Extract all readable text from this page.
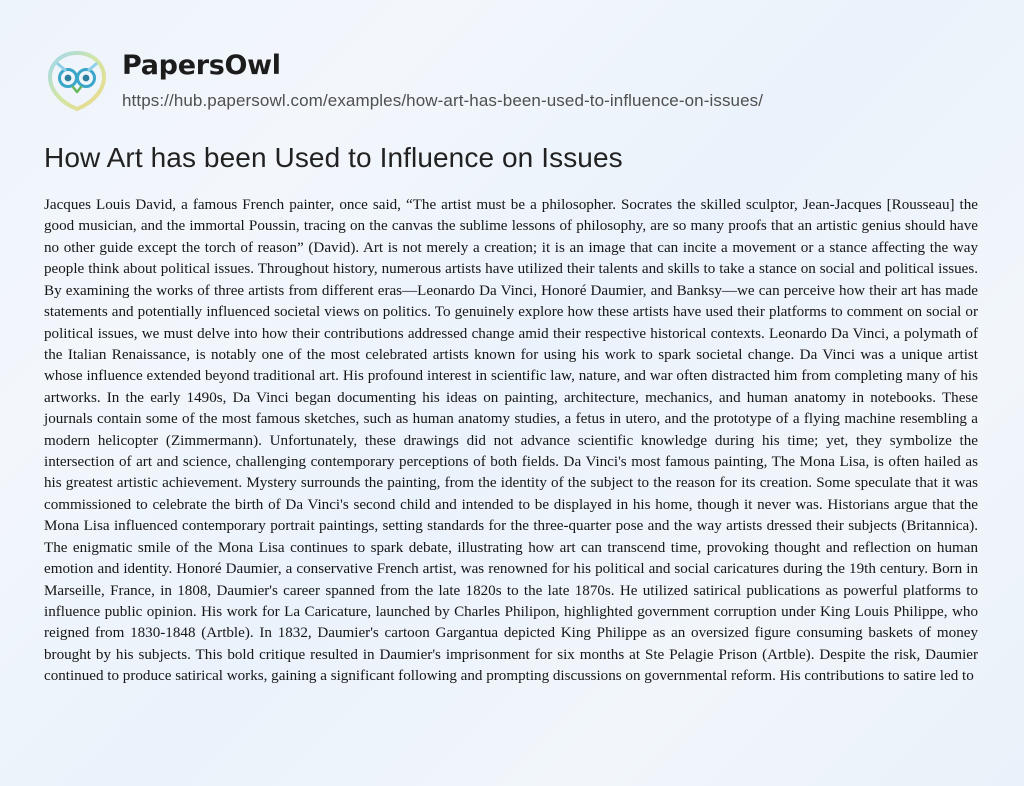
PapersOwl
https://hub.papersowl.com/examples/how-art-has-been-used-to-influence-on-issues/
How Art has been Used to Influence on Issues

Jacques Louis David, a famous French painter, once said, “The artist must be a philosopher. Socrates the skilled sculptor, Jean-Jacques [Rousseau] the good musician, and the immortal Poussin, tracing on the canvas the sublime lessons of philosophy, are so many proofs that an artistic genius should have no other guide except the torch of reason” (David). Art is not merely a creation; it is an image that can incite a movement or a stance affecting the way people think about political issues. Throughout history, numerous artists have utilized their talents and skills to take a stance on social and political issues. By examining the works of three artists from different eras—Leonardo Da Vinci, Honoré Daumier, and Banksy—we can perceive how their art has made statements and potentially influenced societal views on politics. To genuinely explore how these artists have used their platforms to comment on social or political issues, we must delve into how their contributions addressed change amid their respective historical contexts. Leonardo Da Vinci, a polymath of the Italian Renaissance, is notably one of the most celebrated artists known for using his work to spark societal change. Da Vinci was a unique artist whose influence extended beyond traditional art. His profound interest in scientific law, nature, and war often distracted him from completing many of his artworks. In the early 1490s, Da Vinci began documenting his ideas on painting, architecture, mechanics, and human anatomy in notebooks. These journals contain some of the most famous sketches, such as human anatomy studies, a fetus in utero, and the prototype of a flying machine resembling a modern helicopter (Zimmermann). Unfortunately, these drawings did not advance scientific knowledge during his time; yet, they symbolize the intersection of art and science, challenging contemporary perceptions of both fields. Da Vinci's most famous painting, The Mona Lisa, is often hailed as his greatest artistic achievement. Mystery surrounds the painting, from the identity of the subject to the reason for its creation. Some speculate that it was commissioned to celebrate the birth of Da Vinci's second child and intended to be displayed in his home, though it never was. Historians argue that the Mona Lisa influenced contemporary portrait paintings, setting standards for the three-quarter pose and the way artists dressed their subjects (Britannica). The enigmatic smile of the Mona Lisa continues to spark debate, illustrating how art can transcend time, provoking thought and reflection on human emotion and identity. Honoré Daumier, a conservative French artist, was renowned for his political and social caricatures during the 19th century. Born in Marseille, France, in 1808, Daumier's career spanned from the late 1820s to the late 1870s. He utilized satirical publications as powerful platforms to influence public opinion. His work for La Caricature, launched by Charles Philipon, highlighted government corruption under King Louis Philippe, who reigned from 1830-1848 (Artble). In 1832, Daumier's cartoon Gargantua depicted King Philippe as an oversized figure consuming baskets of money brought by his subjects. This bold critique resulted in Daumier's imprisonment for six months at Ste Pelagie Prison (Artble). Despite the risk, Daumier continued to produce satirical works, gaining a significant following and prompting discussions on governmental reform. His contributions to satire led to
